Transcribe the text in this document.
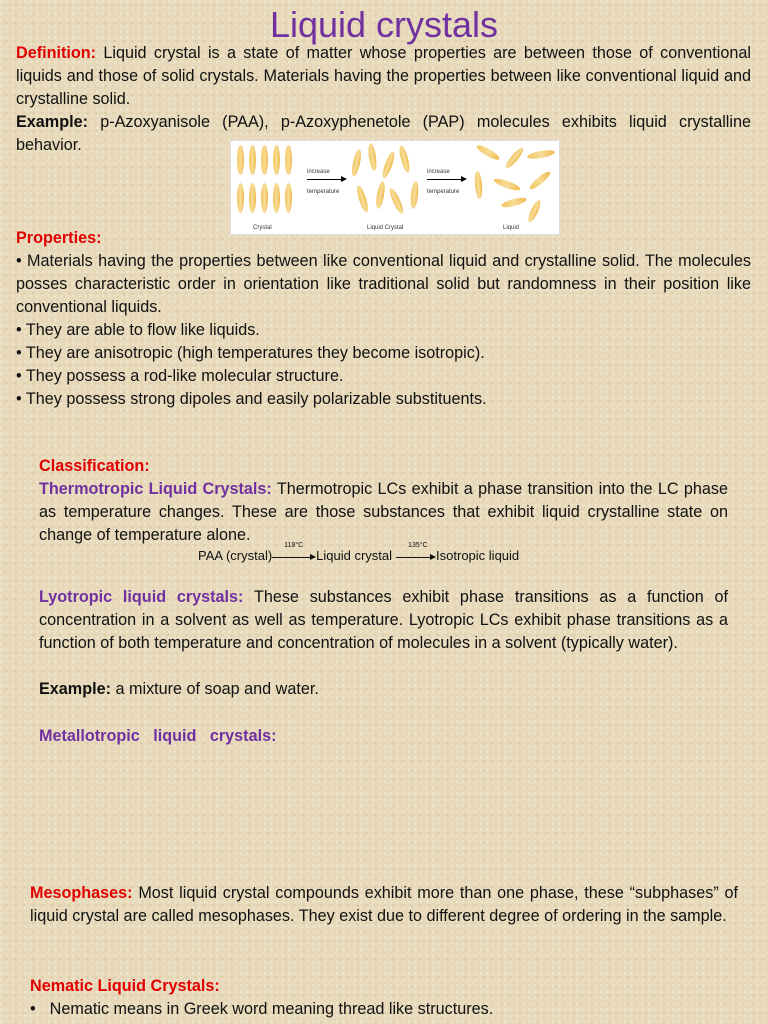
Liquid crystals
Definition: Liquid crystal is a state of matter whose properties are between those of conventional liquids and those of solid crystals. Materials having the properties between like conventional liquid and crystalline solid.
Example: p-Azoxyanisole (PAA), p-Azoxyphenetole (PAP) molecules exhibits liquid crystalline behavior.
increase
temperature
increase
temperature
Crystal	Liquid Crystal	Liquid
Properties:
• Materials having the properties between like conventional liquid and crystalline solid. The molecules posses characteristic order in orientation like traditional solid but randomness in their position like conventional liquids.
• They are able to flow like liquids.
• They are anisotropic (high temperatures they become isotropic).
• They possess a rod-like molecular structure.
• They possess strong dipoles and easily polarizable substituents.
Classification:
Thermotropic Liquid Crystals: Thermotropic LCs exhibit a phase transition into the LC phase as temperature changes. These are those substances that exhibit liquid crystalline state on change of temperature alone.
PAA (crystal)
118°C
Liquid crystal
135°C
Isotropic liquid
Lyotropic liquid crystals: These substances exhibit phase transitions as a function of concentration in a solvent as well as temperature. Lyotropic LCs exhibit phase transitions as a function of both temperature and concentration of molecules in a solvent (typically water).
Example: a mixture of soap and water.
Metallotropic   liquid   crystals:
Mesophases: Most liquid crystal compounds exhibit more than one phase, these “subphases” of liquid crystal are called mesophases. They exist due to different degree of ordering in the sample.
Nematic Liquid Crystals:
• Nematic means in Greek word meaning thread like structures.
